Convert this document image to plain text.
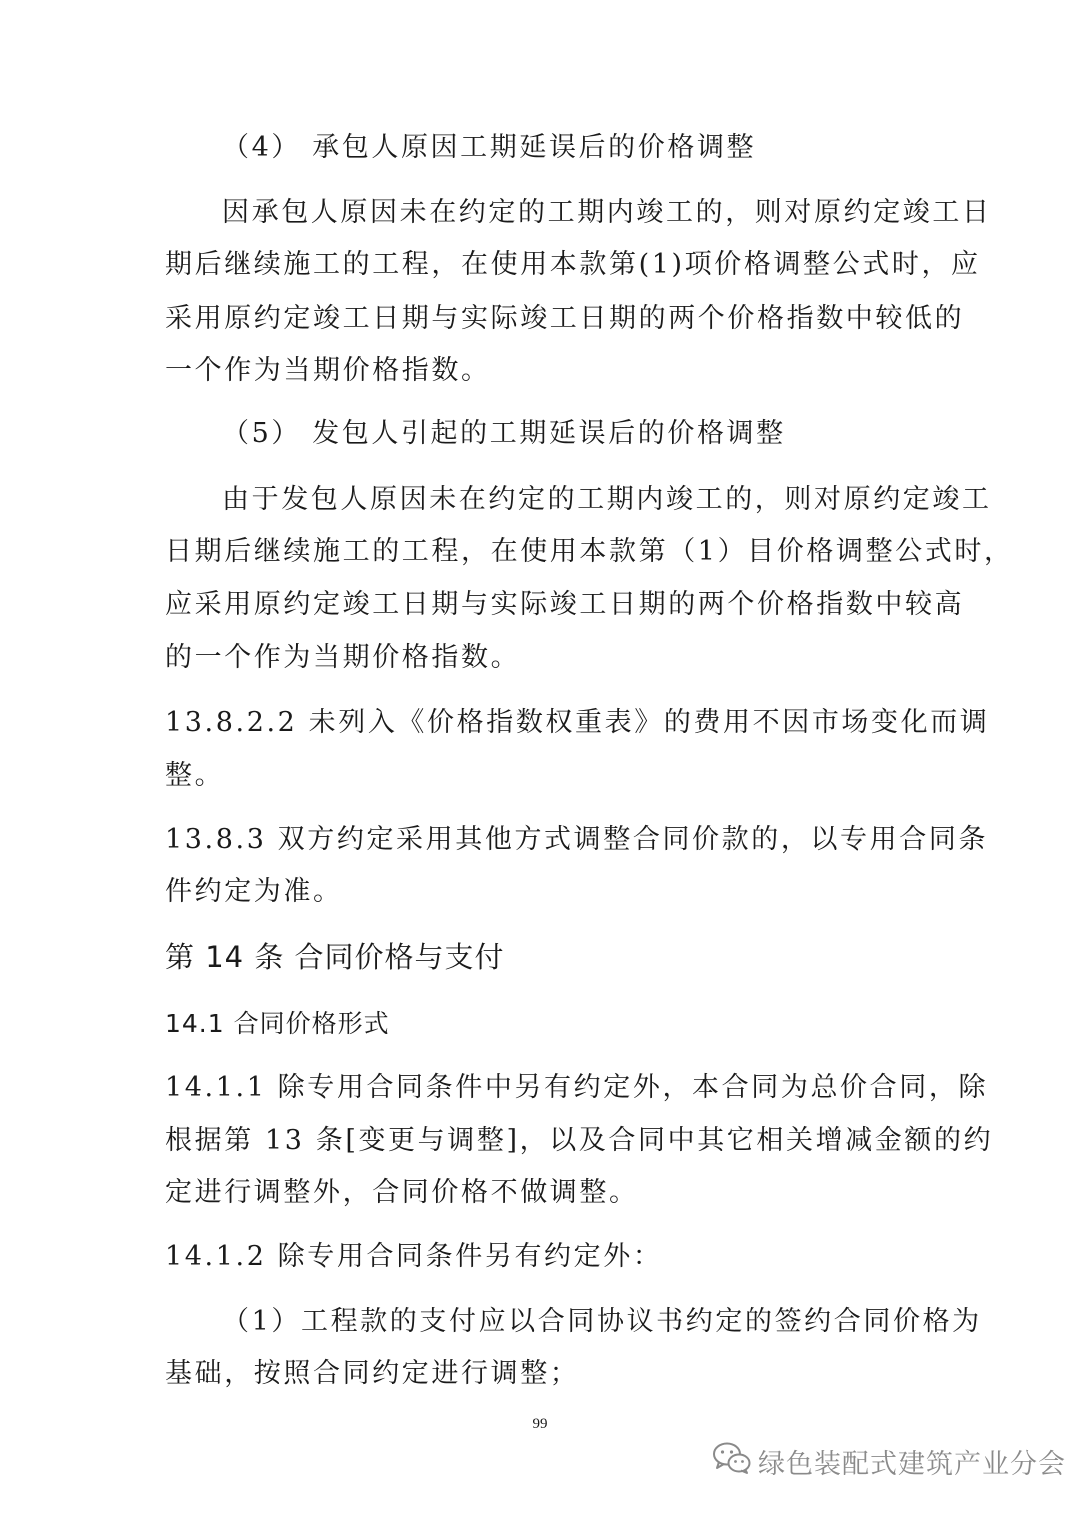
（4） 承包人原因工期延误后的价格调整
因承包人原因未在约定的工期内竣工的，则对原约定竣工日
期后继续施工的工程，在使用本款第(1)项价格调整公式时，应
采用原约定竣工日期与实际竣工日期的两个价格指数中较低的
一个作为当期价格指数。
（5） 发包人引起的工期延误后的价格调整
由于发包人原因未在约定的工期内竣工的，则对原约定竣工
日期后继续施工的工程，在使用本款第（1）目价格调整公式时，
应采用原约定竣工日期与实际竣工日期的两个价格指数中较高
的一个作为当期价格指数。
13.8.2.2 未列入《价格指数权重表》的费用不因市场变化而调
整。
13.8.3 双方约定采用其他方式调整合同价款的，以专用合同条
件约定为准。
第 14 条 合同价格与支付
14.1 合同价格形式
14.1.1 除专用合同条件中另有约定外，本合同为总价合同，除
根据第 13 条[变更与调整]，以及合同中其它相关增减金额的约
定进行调整外，合同价格不做调整。
14.1.2 除专用合同条件另有约定外：
（1）工程款的支付应以合同协议书约定的签约合同价格为
基础，按照合同约定进行调整；
99
绿色装配式建筑产业分会
